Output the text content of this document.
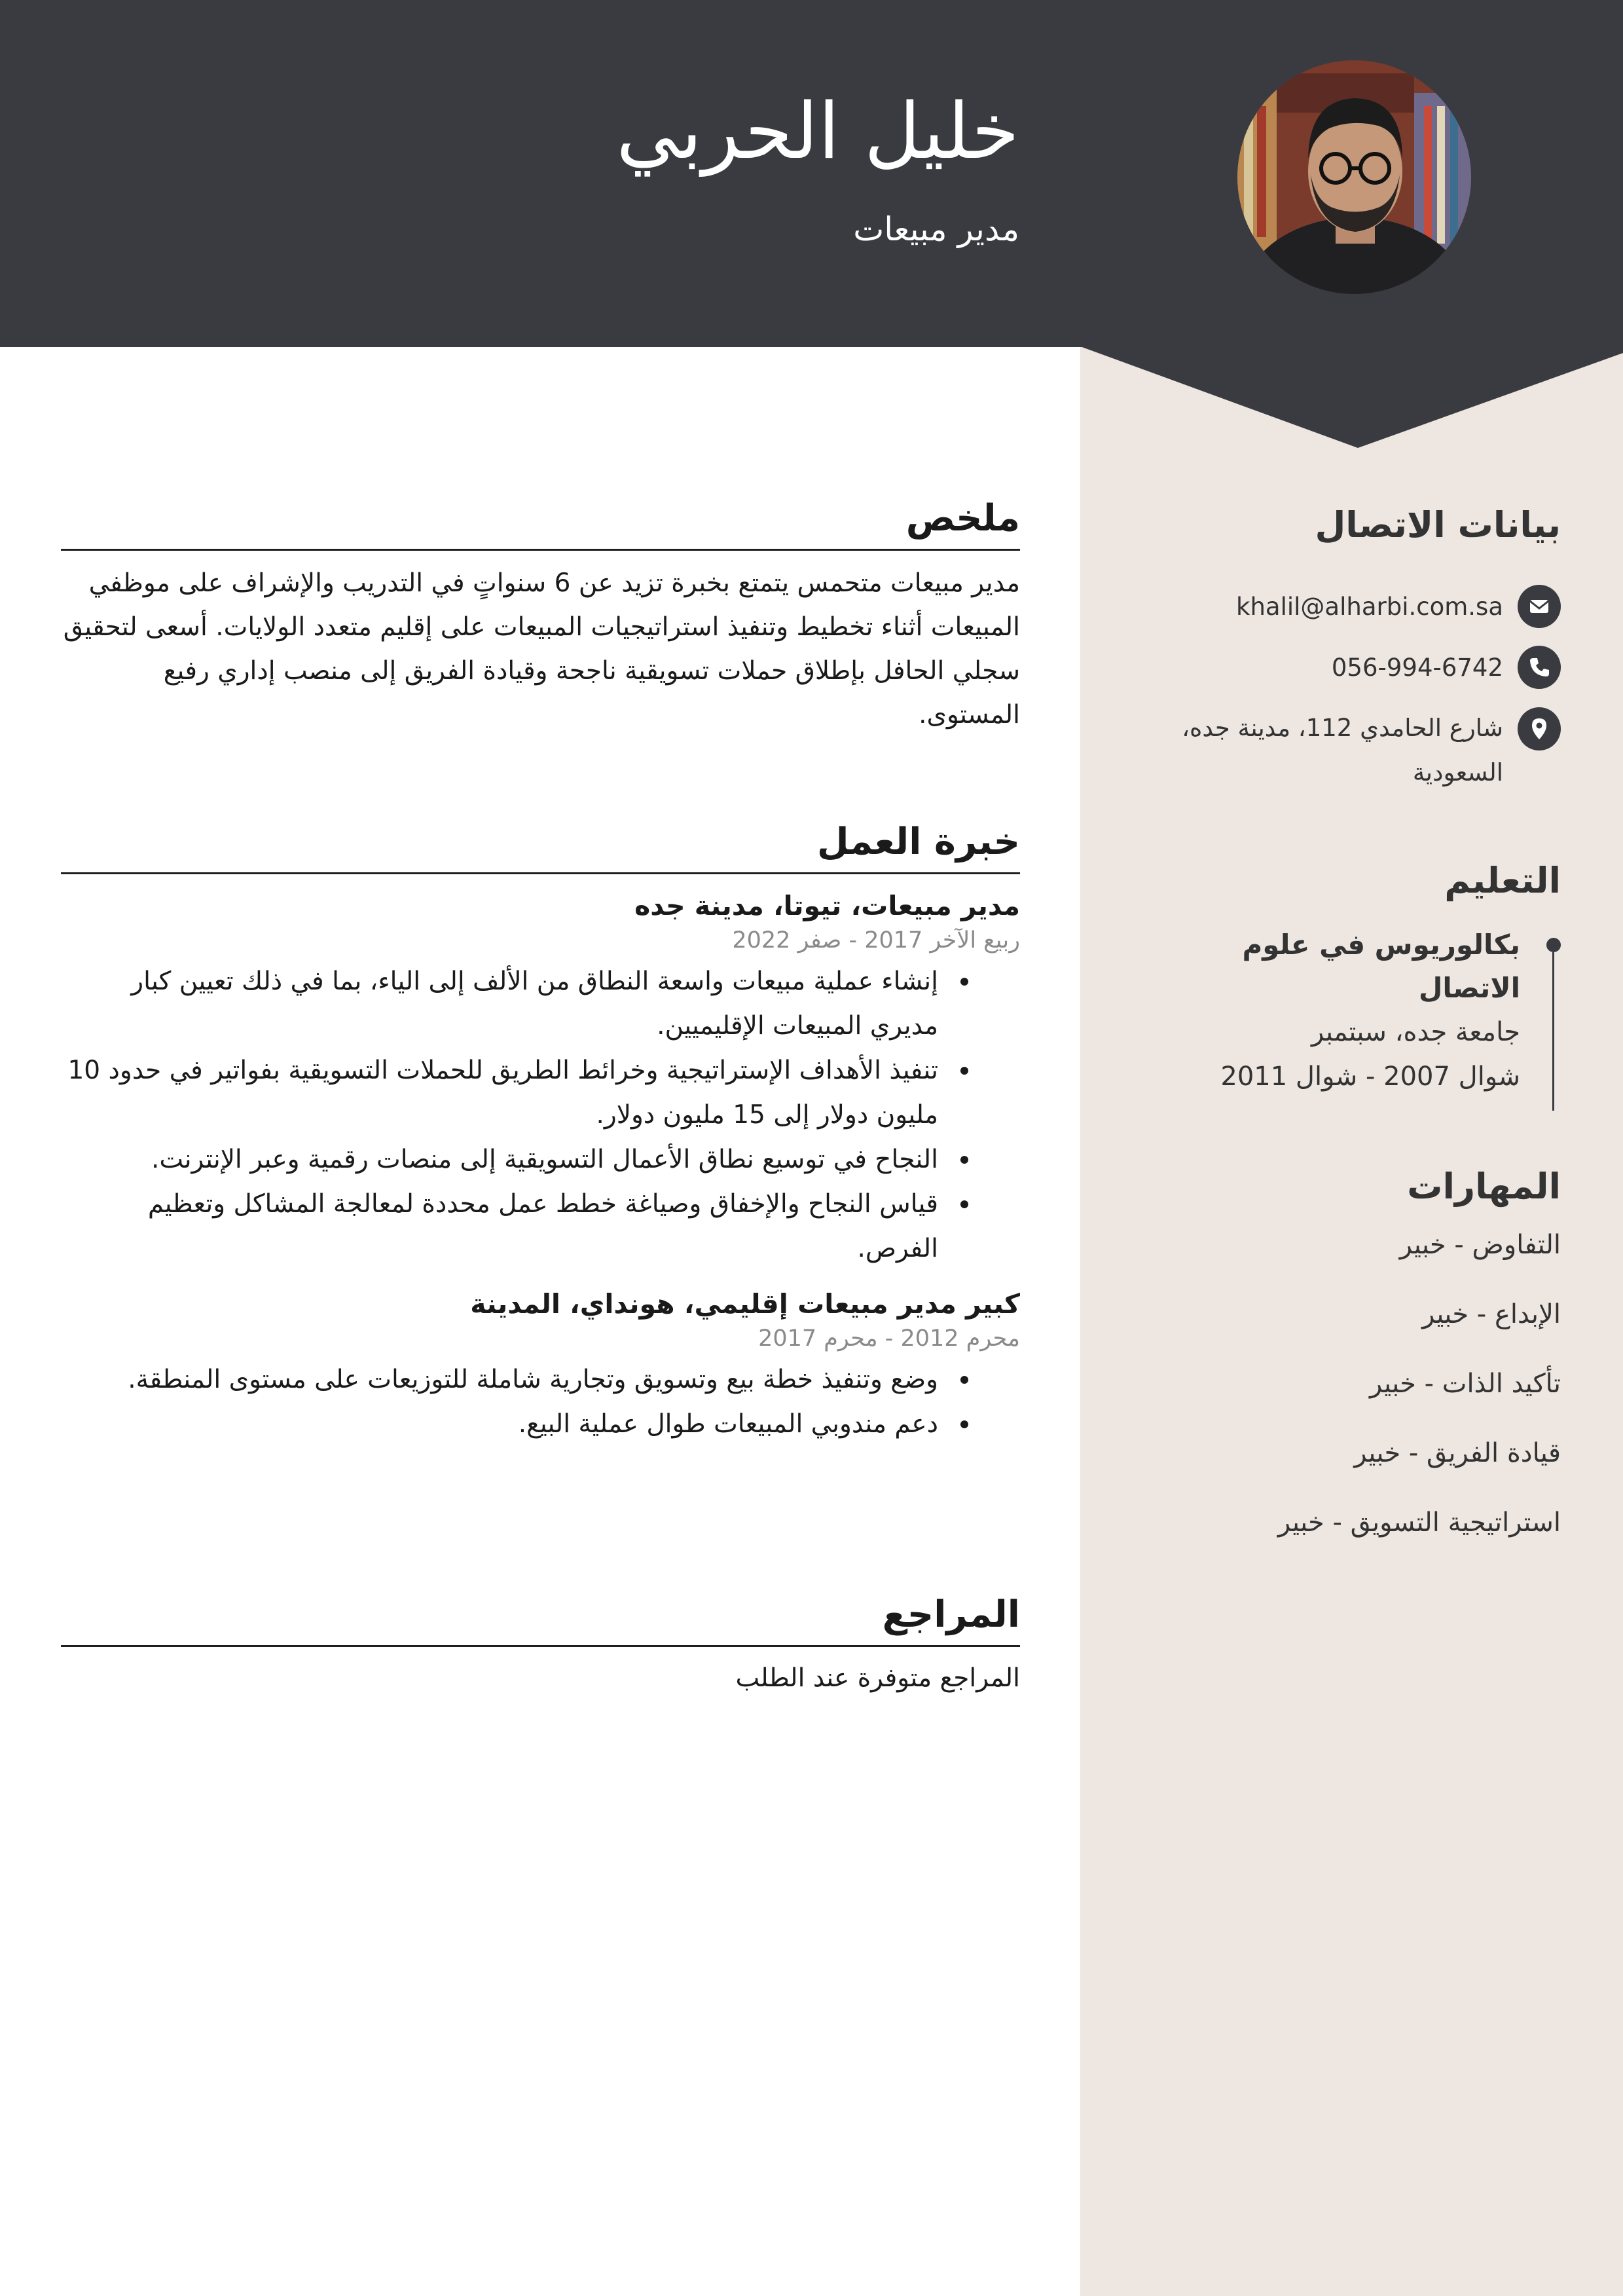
خليل الحربي
مدير مبيعات
ملخص

مدير مبيعات متحمس يتمتع بخبرة تزيد عن 6 سنواتٍ في التدريب والإشراف على موظفي المبيعات أثناء تخطيط وتنفيذ استراتيجيات المبيعات على إقليم متعدد الولايات. أسعى لتحقيق سجلي الحافل بإطلاق حملات تسويقية ناجحة وقيادة الفريق إلى منصب إداري رفيع المستوى.

خبرة العمل

مدير مبيعات، تيوتا، مدينة جده

ربيع الآخر 2017 - صفر 2022

إنشاء عملية مبيعات واسعة النطاق من الألف إلى الياء، بما في ذلك تعيين كبار مديري المبيعات الإقليميين.
تنفيذ الأهداف الإستراتيجية وخرائط الطريق للحملات التسويقية بفواتير في حدود 10 مليون دولار إلى 15 مليون دولار.
النجاح في توسيع نطاق الأعمال التسويقية إلى منصات رقمية وعبر الإنترنت.
قياس النجاح والإخفاق وصياغة خطط عمل محددة لمعالجة المشاكل وتعظيم الفرص.

كبير مدير مبيعات إقليمي، هونداي، المدينة

محرم 2012 - محرم 2017

وضع وتنفيذ خطة بيع وتسويق وتجارية شاملة للتوزيعات على مستوى المنطقة.
دعم مندوبي المبيعات طوال عملية البيع.
المراجع

المراجع متوفرة عند الطلب

بيانات الاتصال
khalil@alharbi.com.sa
056-994-6742
شارع الحامدي 112، مدينة جده، السعودية
التعليم

بكالوريوس في علوم الاتصال

جامعة جده، سبتمبر

شوال 2007 - شوال 2011

المهارات

التفاوض - خبير

الإبداع - خبير

تأكيد الذات - خبير

قيادة الفريق - خبير

استراتيجية التسويق - خبير
